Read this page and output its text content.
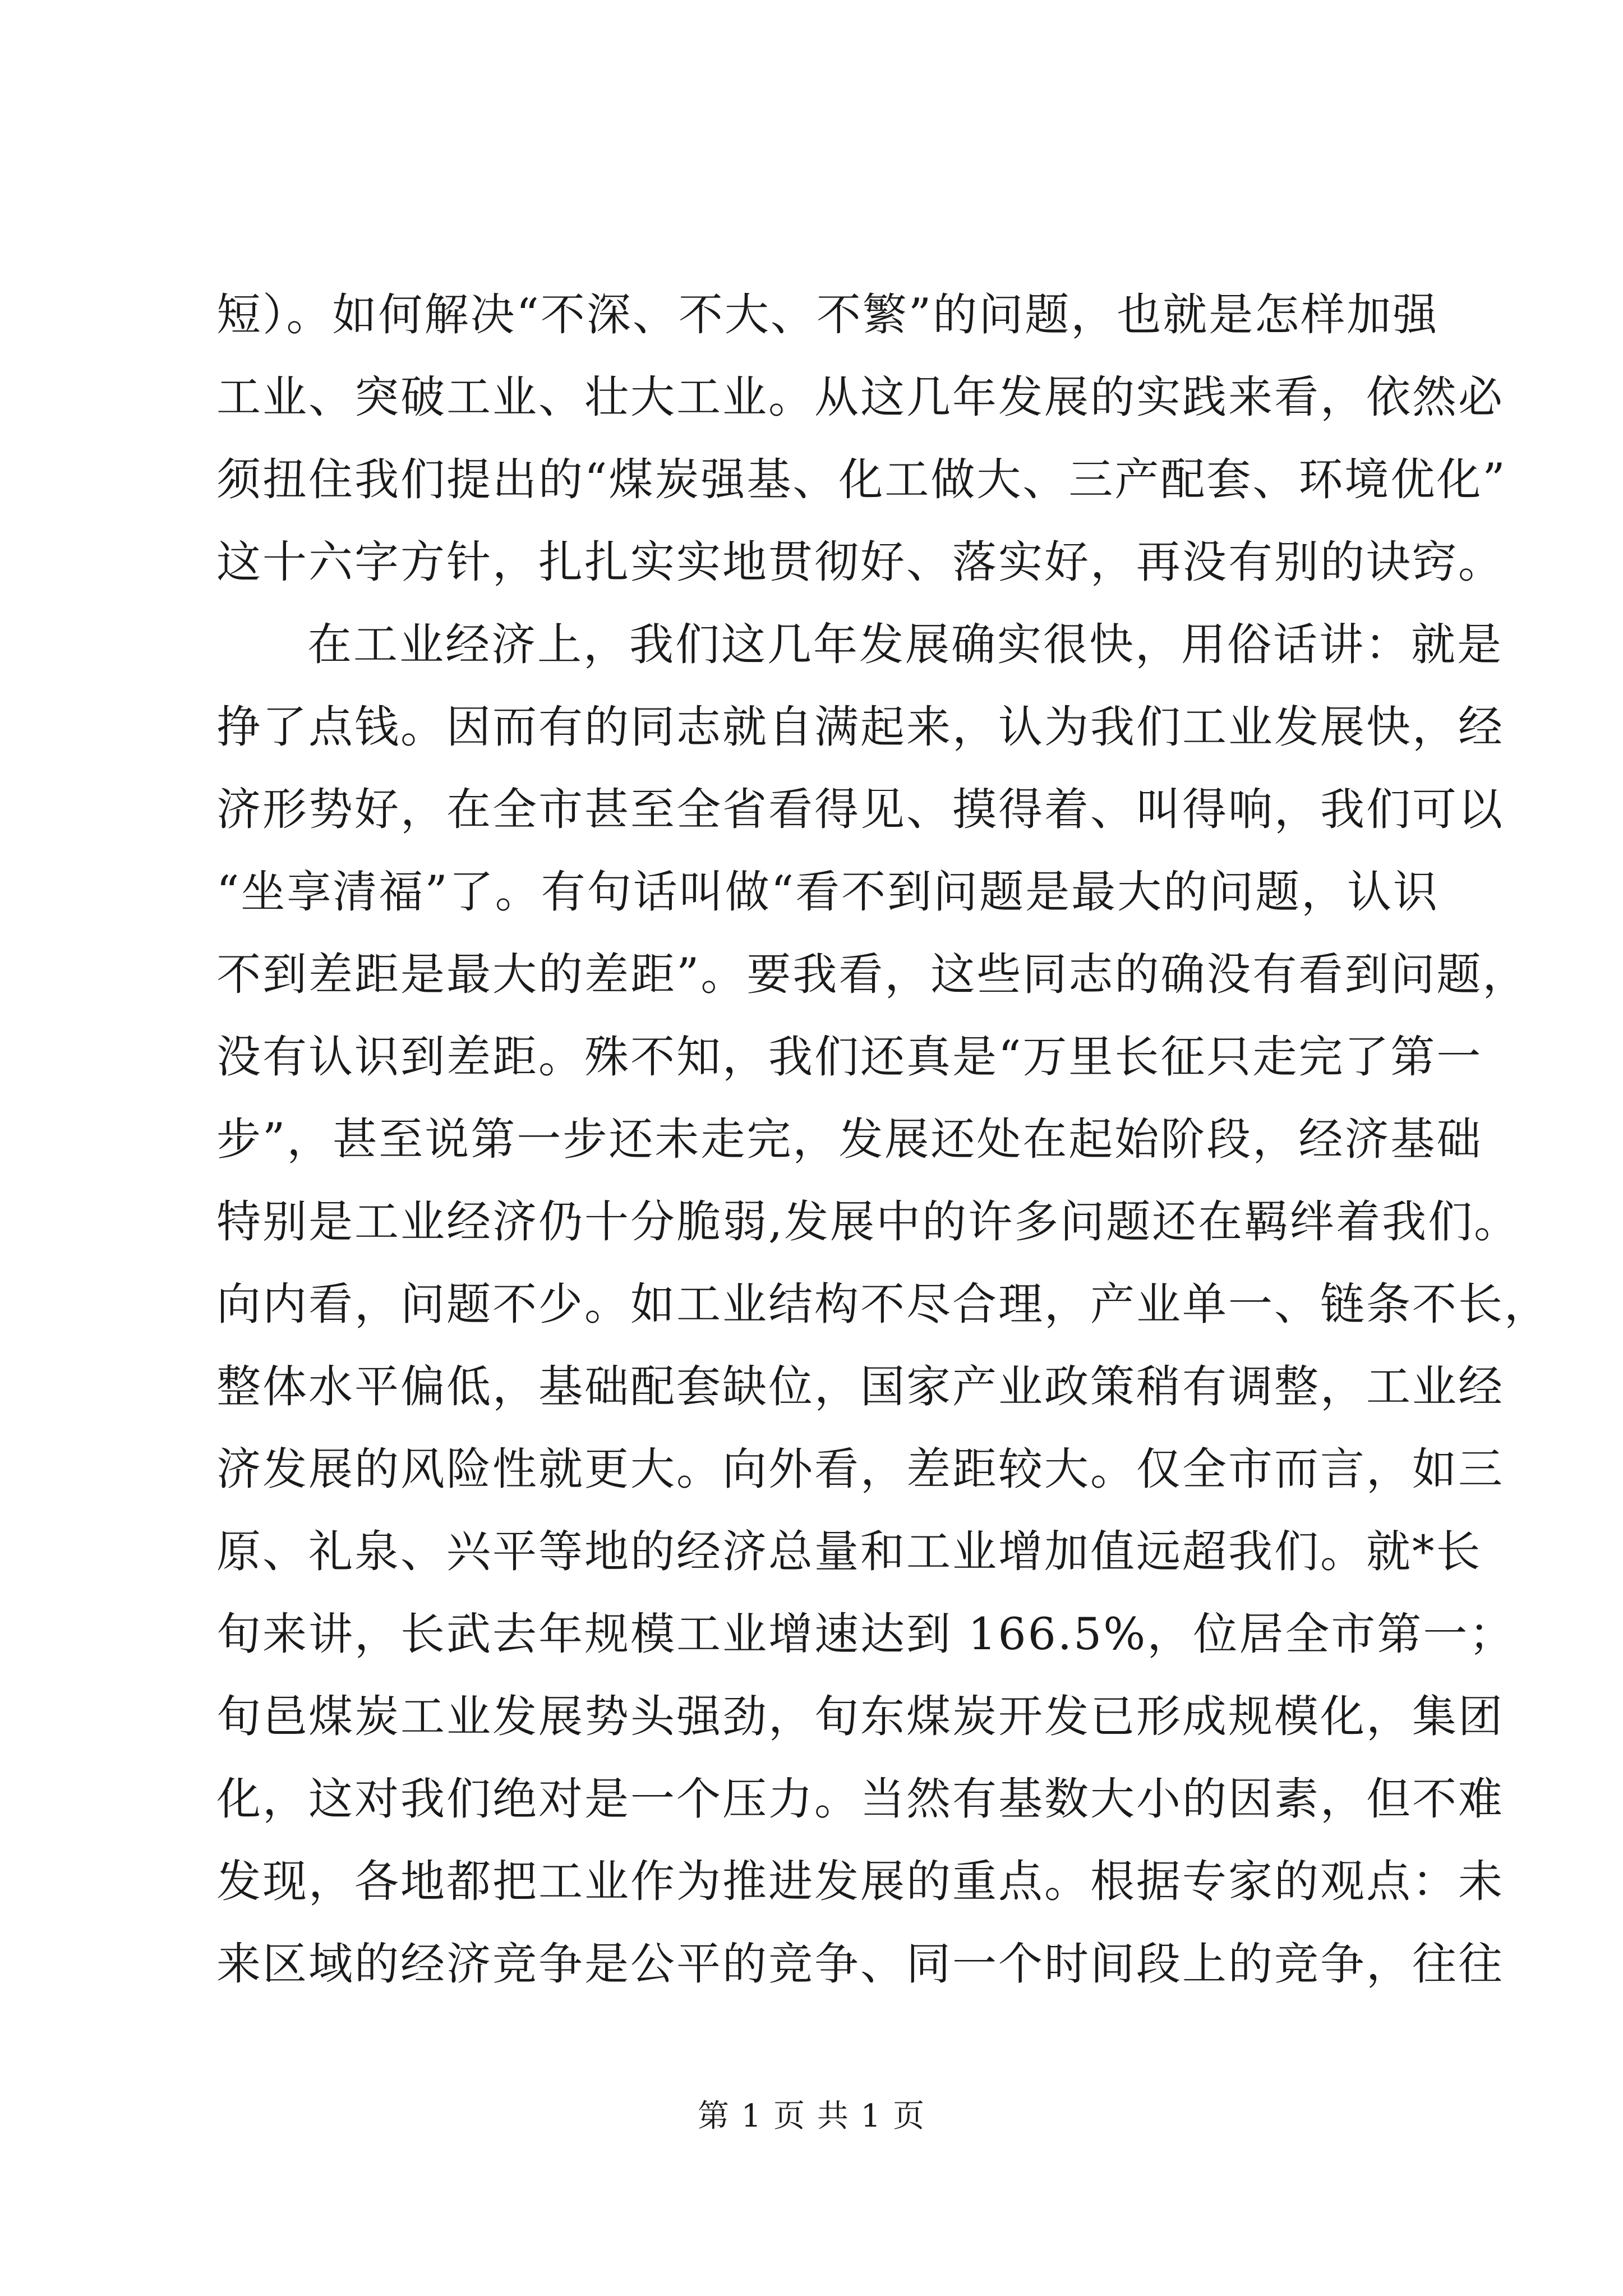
短）。如何解决“不深、不大、不繁”的问题，也就是怎样加强
工业、突破工业、壮大工业。从这几年发展的实践来看，依然必
须扭住我们提出的“煤炭强基、化工做大、三产配套、环境优化”
这十六字方针，扎扎实实地贯彻好、落实好，再没有别的诀窍。
在工业经济上，我们这几年发展确实很快，用俗话讲：就是
挣了点钱。因而有的同志就自满起来，认为我们工业发展快，经
济形势好，在全市甚至全省看得见、摸得着、叫得响，我们可以
“坐享清福”了。有句话叫做“看不到问题是最大的问题，认识
不到差距是最大的差距”。要我看，这些同志的确没有看到问题，
没有认识到差距。殊不知，我们还真是“万里长征只走完了第一
步”，甚至说第一步还未走完，发展还处在起始阶段，经济基础
特别是工业经济仍十分脆弱,发展中的许多问题还在羁绊着我们。
向内看，问题不少。如工业结构不尽合理，产业单一、链条不长，
整体水平偏低，基础配套缺位，国家产业政策稍有调整，工业经
济发展的风险性就更大。向外看，差距较大。仅全市而言，如三
原、礼泉、兴平等地的经济总量和工业增加值远超我们。就*长
旬来讲，长武去年规模工业增速达到 166.5%，位居全市第一；
旬邑煤炭工业发展势头强劲，旬东煤炭开发已形成规模化，集团
化，这对我们绝对是一个压力。当然有基数大小的因素，但不难
发现，各地都把工业作为推进发展的重点。根据专家的观点：未
来区域的经济竞争是公平的竞争、同一个时间段上的竞争，往往
第 1 页 共 1 页
